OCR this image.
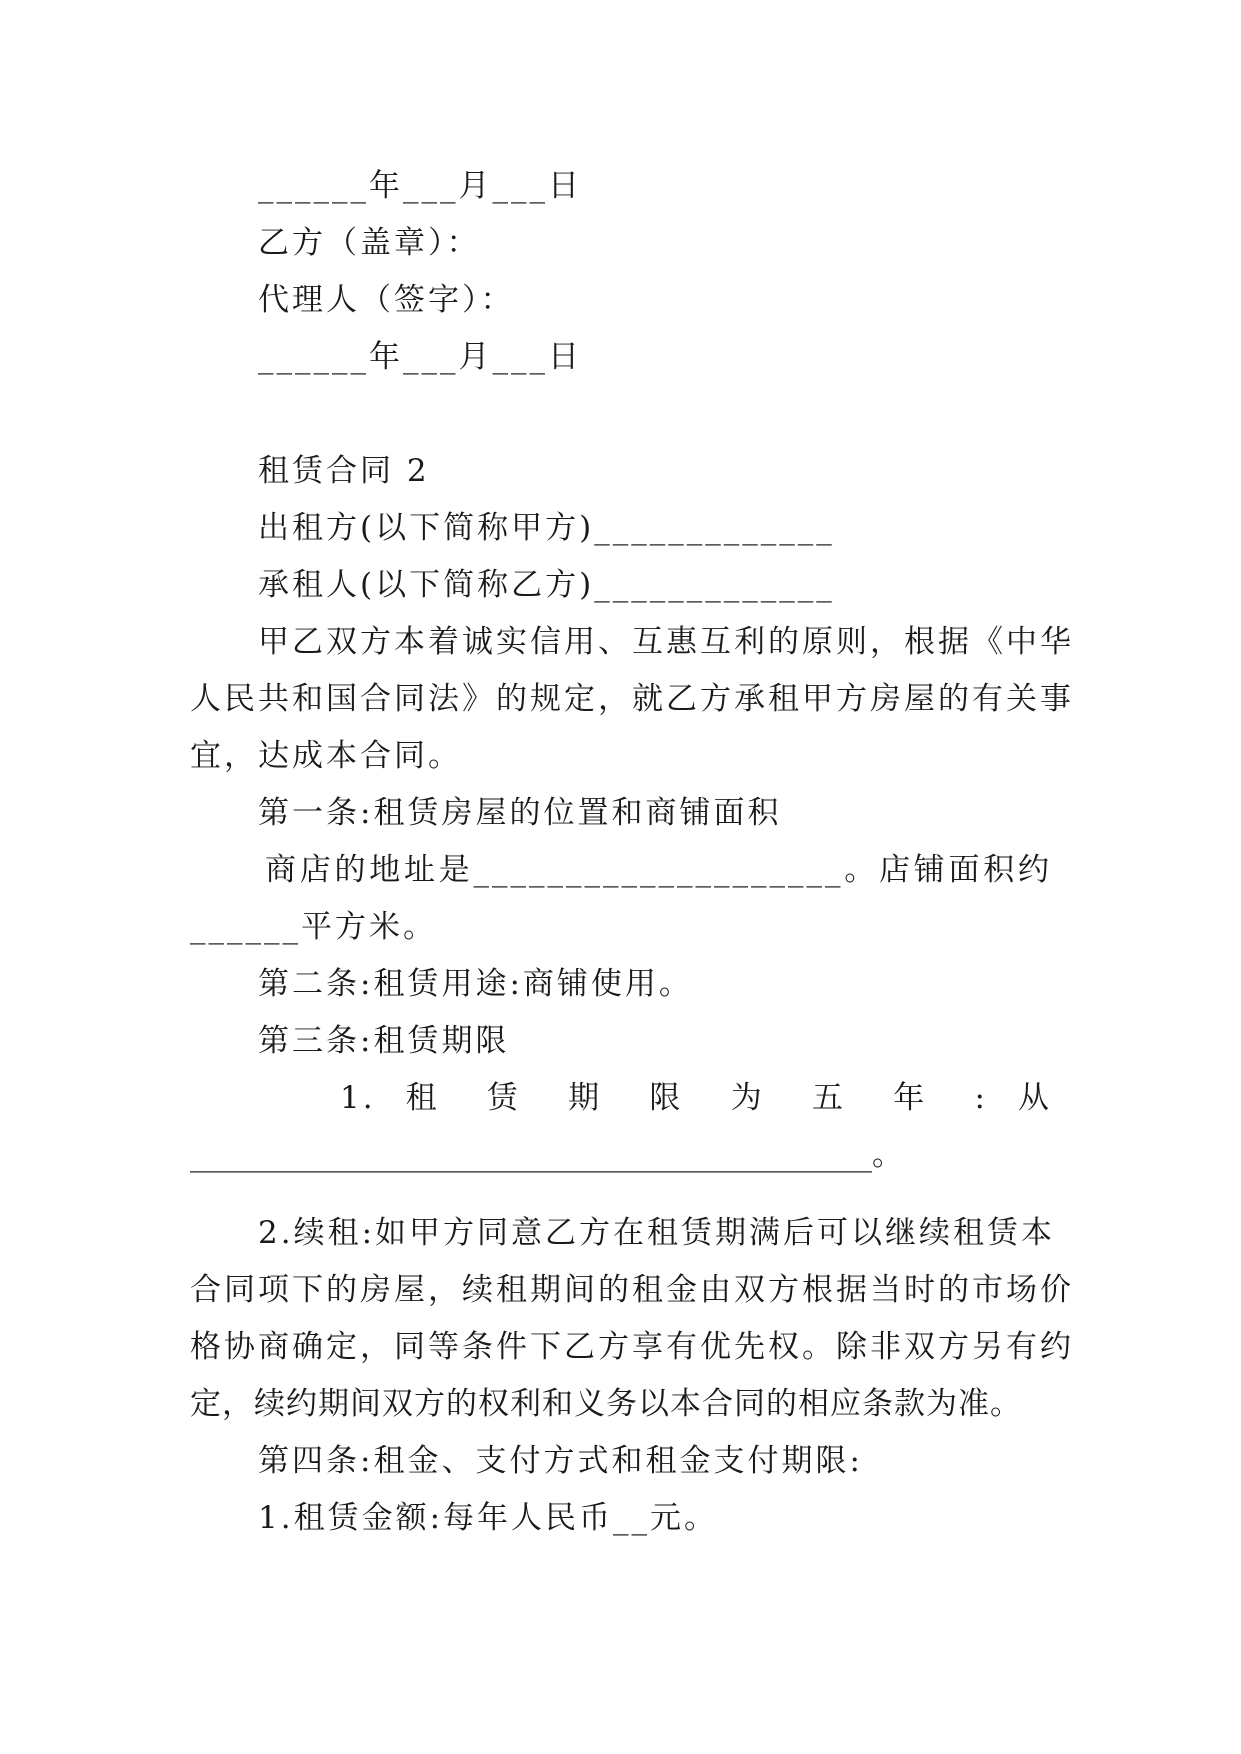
______年___月___日
乙方（盖章）：
代理人（签字）：
______年___月___日
租赁合同 2
出租方(以下简称甲方)_____________
承租人(以下简称乙方)_____________
甲乙双方本着诚实信用、互惠互利的原则，根据《中华
人民共和国合同法》的规定，就乙方承租甲方房屋的有关事
宜，达成本合同。
第一条:租赁房屋的位置和商铺面积
商店的地址是____________________。店铺面积约
______平方米。
第二条:租赁用途:商铺使用。
第三条:租赁期限
1. 租 赁 期 限 为 五 年 : 从
____________________________________________。
2.续租:如甲方同意乙方在租赁期满后可以继续租赁本
合同项下的房屋，续租期间的租金由双方根据当时的市场价
格协商确定，同等条件下乙方享有优先权。除非双方另有约
定，续约期间双方的权利和义务以本合同的相应条款为准。
第四条:租金、支付方式和租金支付期限:
1.租赁金额:每年人民币__元。
